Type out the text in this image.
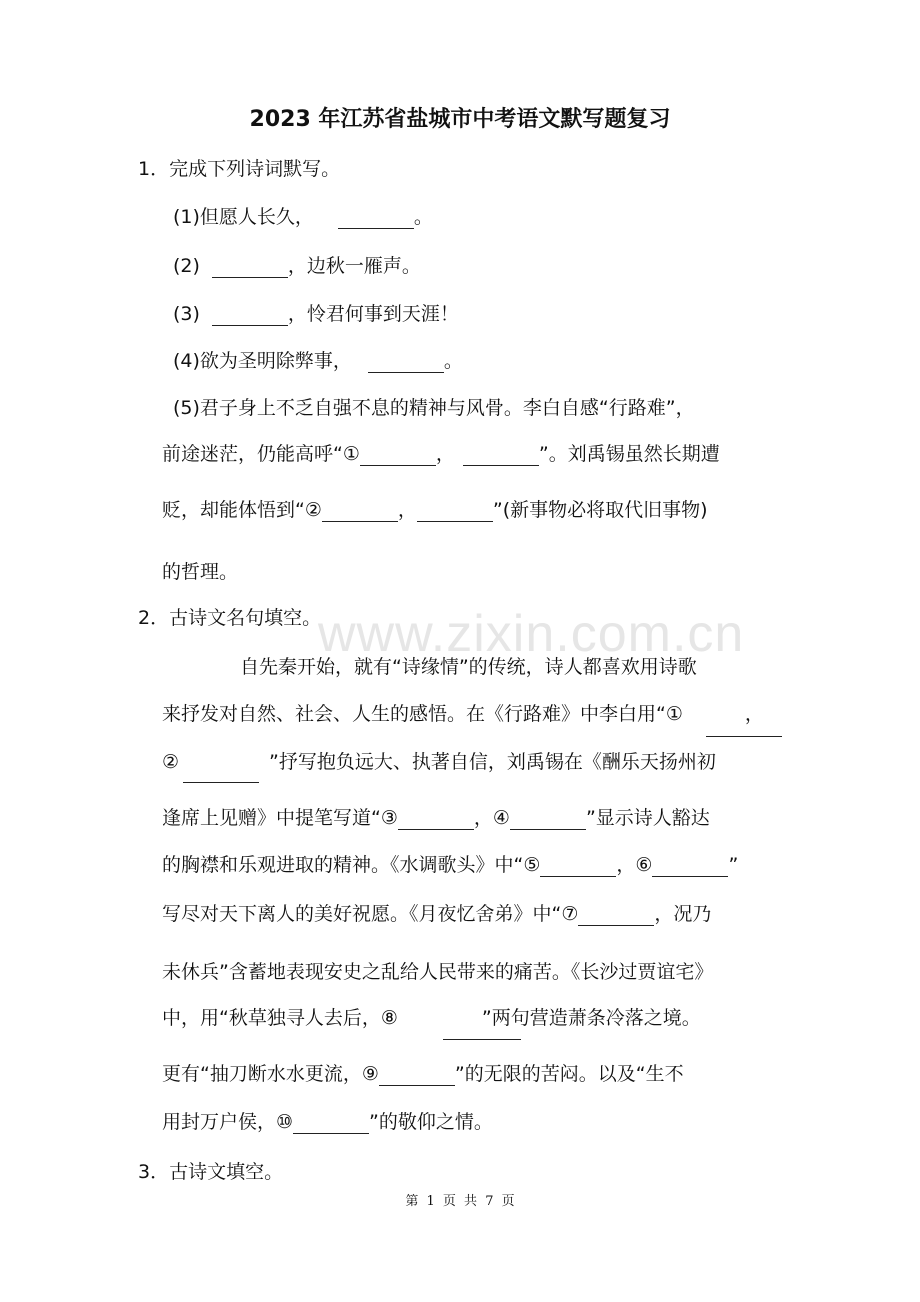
www.zixin.com.cn
2023 年江苏省盐城市中考语文默写题复习
1．完成下列诗词默写。
(1)但愿人长久，	。
(2)	，边秋一雁声。
(3)	，怜君何事到天涯！
(4)欲为圣明除弊事，	。
(5)君子身上不乏自强不息的精神与风骨。李白自感“行路难”，
前途迷茫，仍能高呼“①	，	”。刘禹锡虽然长期遭
贬，却能体悟到“②	，	”(新事物必将取代旧事物)
的哲理。
2．古诗文名句填空。
自先秦开始，就有“诗缘情”的传统，诗人都喜欢用诗歌
来抒发对自然、社会、人生的感悟。在《行路难》中李白用“①	，
②	”抒写抱负远大、执著自信，刘禹锡在《酬乐天扬州初
逢席上见赠》中提笔写道“③	，④	”显示诗人豁达
的胸襟和乐观进取的精神。《水调歌头》中“⑤	，⑥	”
写尽对天下离人的美好祝愿。《月夜忆舍弟》中“⑦	，况乃
未休兵”含蓄地表现安史之乱给人民带来的痛苦。《长沙过贾谊宅》
中，用“秋草独寻人去后，⑧	”两句营造萧条冷落之境。
更有“抽刀断水水更流，⑨	”的无限的苦闷。以及“生不
用封万户侯，⑩	”的敬仰之情。
3．古诗文填空。
第 1 页 共 7 页
